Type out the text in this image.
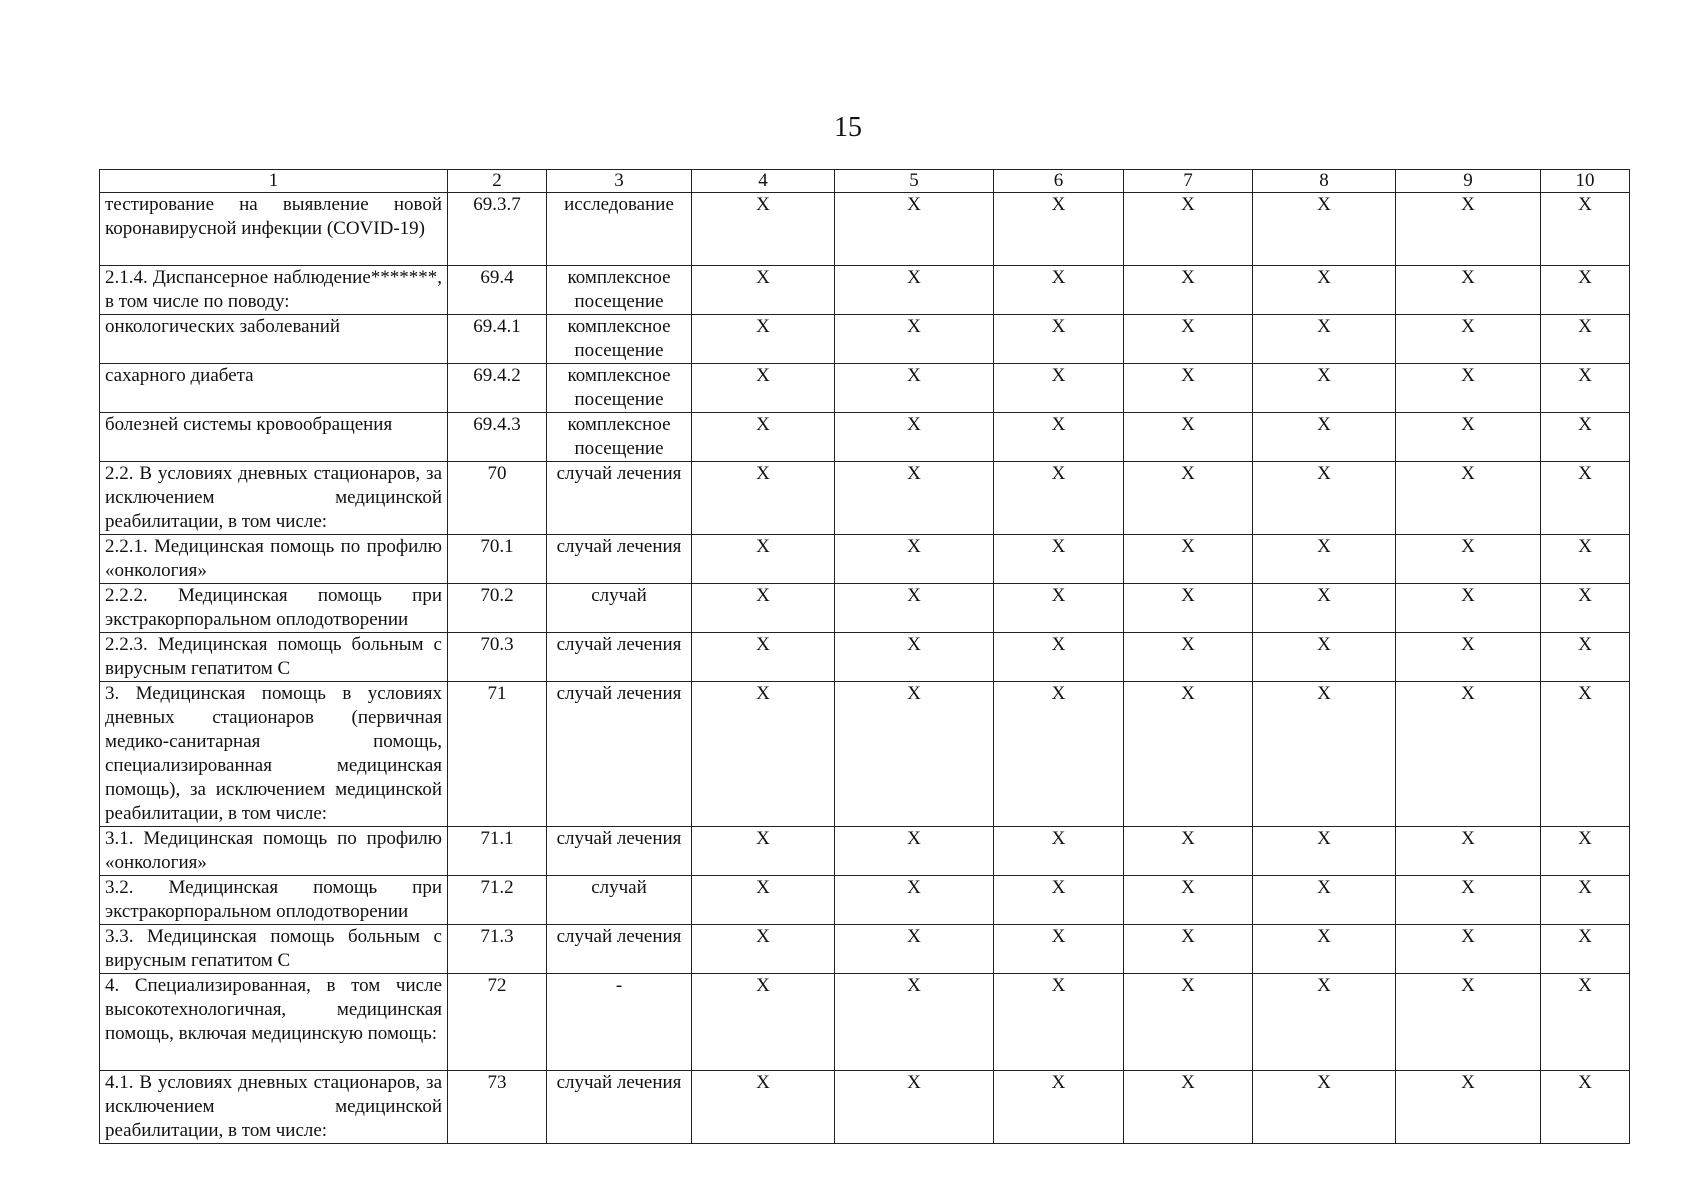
15
1	2	3	4	5	6	7	8	9	10
тестирование на выявление новой коронавирусной инфекции (COVID-19)	69.3.7	исследование	Х	Х	Х	Х	Х	Х	Х
2.1.4. Диспансерное наблюдение*******, в том числе по поводу:	69.4	комплексное посещение	Х	Х	Х	Х	Х	Х	Х
онкологических заболеваний	69.4.1	комплексное посещение	Х	Х	Х	Х	Х	Х	Х
сахарного диабета	69.4.2	комплексное посещение	Х	Х	Х	Х	Х	Х	Х
болезней системы кровообращения	69.4.3	комплексное посещение	Х	Х	Х	Х	Х	Х	Х
2.2. В условиях дневных стационаров, за исключением медицинской реабилитации, в том числе:	70	случай лечения	Х	Х	Х	Х	Х	Х	Х
2.2.1. Медицинская помощь по профилю «онкология»	70.1	случай лечения	Х	Х	Х	Х	Х	Х	Х
2.2.2. Медицинская помощь при экстракорпоральном оплодотворении	70.2	случай	Х	Х	Х	Х	Х	Х	Х
2.2.3. Медицинская помощь больным с вирусным гепатитом С	70.3	случай лечения	Х	Х	Х	Х	Х	Х	Х
3. Медицинская помощь в условиях дневных стационаров (первичная медико-санитарная помощь, специализированная медицинская помощь), за исключением медицинской реабилитации, в том числе:	71	случай лечения	Х	Х	Х	Х	Х	Х	Х
3.1. Медицинская помощь по профилю «онкология»	71.1	случай лечения	Х	Х	Х	Х	Х	Х	Х
3.2. Медицинская помощь при экстракорпоральном оплодотворении	71.2	случай	Х	Х	Х	Х	Х	Х	Х
3.3. Медицинская помощь больным с вирусным гепатитом С	71.3	случай лечения	Х	Х	Х	Х	Х	Х	Х
4. Специализированная, в том числе высокотехнологичная, медицинская помощь, включая медицинскую помощь:	72	-	Х	Х	Х	Х	Х	Х	Х
4.1. В условиях дневных стационаров, за исключением медицинской реабилитации, в том числе:	73	случай лечения	Х	Х	Х	Х	Х	Х	Х
